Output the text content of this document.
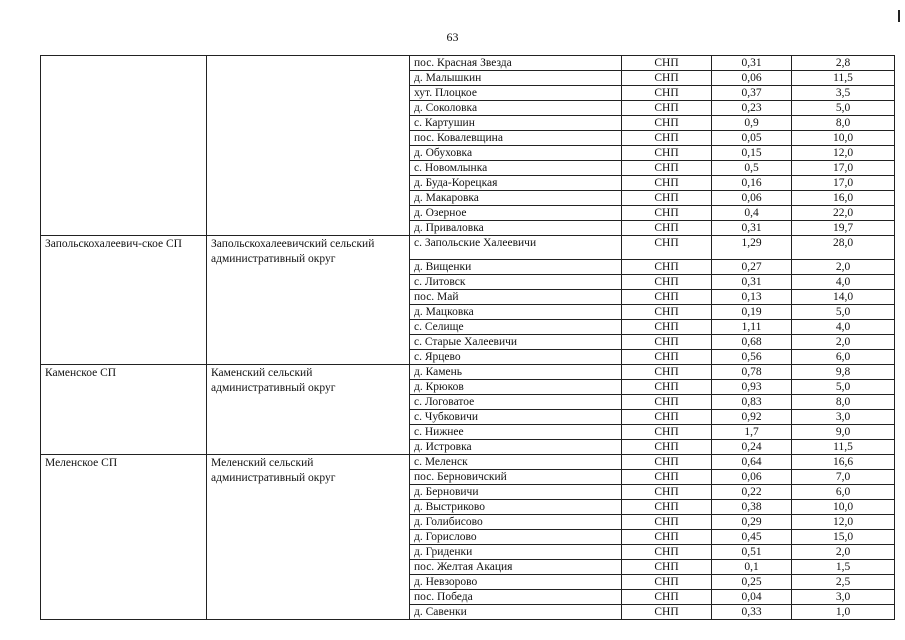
63
		пос. Красная Звезда	СНП	0,31	2,8
		д. Малышкин	СНП	0,06	11,5
		хут. Плоцкое	СНП	0,37	3,5
		д. Соколовка	СНП	0,23	5,0
		с. Картушин	СНП	0,9	8,0
		пос. Ковалевщина	СНП	0,05	10,0
		д. Обуховка	СНП	0,15	12,0
		с. Новомлынка	СНП	0,5	17,0
		д. Буда-Корецкая	СНП	0,16	17,0
		д. Макаровка	СНП	0,06	16,0
		д. Озерное	СНП	0,4	22,0
		д. Приваловка	СНП	0,31	19,7
Запольскохалеевич-ское СП	Запольскохалеевичский сельский административный округ	с. Запольские Халеевичи	СНП	1,29	28,0
		д. Вищенки	СНП	0,27	2,0
		с. Литовск	СНП	0,31	4,0
		пос. Май	СНП	0,13	14,0
		д. Мацковка	СНП	0,19	5,0
		с. Селище	СНП	1,11	4,0
		с. Старые Халеевичи	СНП	0,68	2,0
		с. Ярцево	СНП	0,56	6,0
Каменское СП	Каменский сельский административный округ	д. Камень	СНП	0,78	9,8
		д. Крюков	СНП	0,93	5,0
		с. Логоватое	СНП	0,83	8,0
		с. Чубковичи	СНП	0,92	3,0
		с. Нижнее	СНП	1,7	9,0
		д. Истровка	СНП	0,24	11,5
Меленское СП	Меленский сельский административный округ	с. Меленск	СНП	0,64	16,6
		пос. Берновичский	СНП	0,06	7,0
		д. Берновичи	СНП	0,22	6,0
		д. Выстриково	СНП	0,38	10,0
		д. Голибисово	СНП	0,29	12,0
		д. Горислово	СНП	0,45	15,0
		д. Гриденки	СНП	0,51	2,0
		пос. Желтая Акация	СНП	0,1	1,5
		д. Невзорово	СНП	0,25	2,5
		пос. Победа	СНП	0,04	3,0
		д. Савенки	СНП	0,33	1,0
